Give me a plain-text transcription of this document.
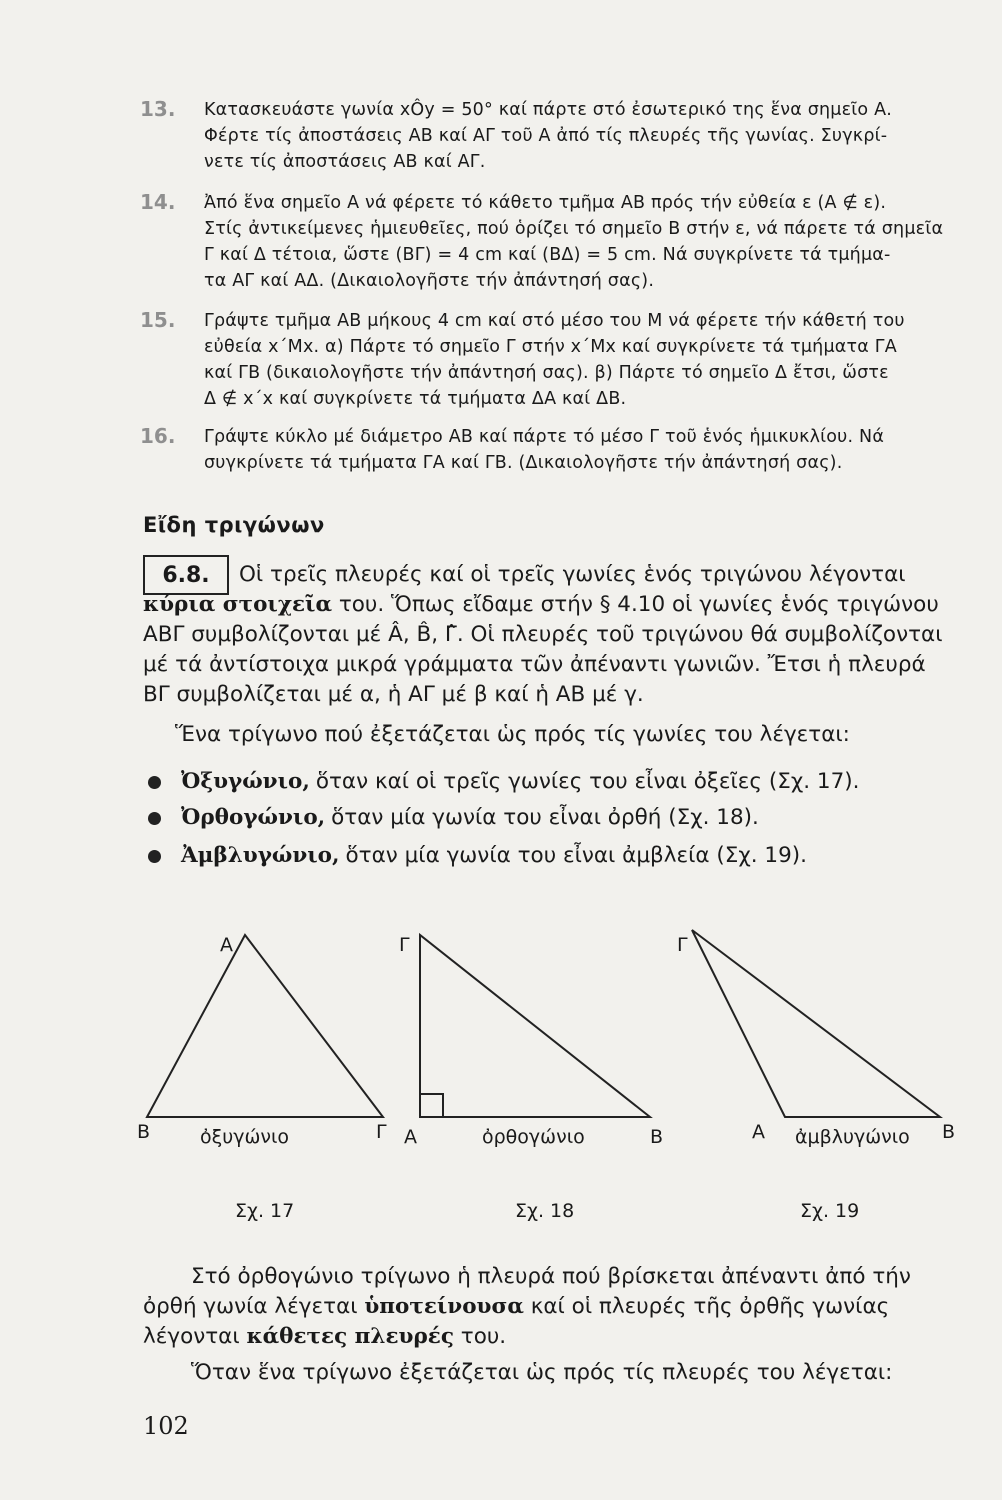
13. Κατασκευάστε γωνία xÔy = 50° καί πάρτε στό ἐσωτερικό της ἕνα σημεῖο Α.
Φέρτε τίς ἀποστάσεις ΑΒ καί ΑΓ τοῦ Α ἀπό τίς πλευρές τῆς γωνίας. Συγκρί-
νετε τίς ἀποστάσεις ΑΒ καί ΑΓ.
14. Ἀπό ἕνα σημεῖο Α νά φέρετε τό κάθετο τμῆμα ΑΒ πρός τήν εὐθεία ε (Α ∉ ε).
Στίς ἀντικείμενες ἡμιευθεῖες, πού ὁρίζει τό σημεῖο Β στήν ε, νά πάρετε τά σημεῖα
Γ καί Δ τέτοια, ὥστε (ΒΓ) = 4 cm καί (ΒΔ) = 5 cm. Νά συγκρίνετε τά τμήμα-
τα ΑΓ καί ΑΔ. (Δικαιολογῆστε τήν ἀπάντησή σας).
15. Γράψτε τμῆμα ΑΒ μήκους 4 cm καί στό μέσο του Μ νά φέρετε τήν κάθετή του
εὐθεία x΄Μx. α) Πάρτε τό σημεῖο Γ στήν x΄Μx καί συγκρίνετε τά τμήματα ΓΑ
καί ΓΒ (δικαιολογῆστε τήν ἀπάντησή σας). β) Πάρτε τό σημεῖο Δ ἔτσι, ὥστε
Δ ∉ x΄x καί συγκρίνετε τά τμήματα ΔΑ καί ΔΒ.
16. Γράψτε κύκλο μέ διάμετρο ΑΒ καί πάρτε τό μέσο Γ τοῦ ἑνός ἡμικυκλίου. Νά
συγκρίνετε τά τμήματα ΓΑ καί ΓΒ. (Δικαιολογῆστε τήν ἀπάντησή σας).
Εἴδη τριγώνων
6.8.	Οἱ τρεῖς πλευρές καί οἱ τρεῖς γωνίες ἑνός τριγώνου λέγονται κύρια στοιχεῖα του. Ὅπως εἴδαμε στήν § 4.10 οἱ γωνίες ἑνός τριγώνου ΑΒΓ συμβολίζονται μέ Â, B̂, Γ̂. Οἱ πλευρές τοῦ τριγώνου θά συμβολίζονται μέ τά ἀντίστοιχα μικρά γράμματα τῶν ἀπέναντι γωνιῶν. Ἔτσι ἡ πλευρά ΒΓ συμβολίζεται μέ α, ἡ ΑΓ μέ β καί ἡ ΑΒ μέ γ.
Ἕνα τρίγωνο πού ἐξετάζεται ὡς πρός τίς γωνίες του λέγεται:
Ὀξυγώνιο, ὅταν καί οἱ τρεῖς γωνίες του εἶναι ὀξεῖες (Σχ. 17).
Ὀρθογώνιο, ὅταν μία γωνία του εἶναι ὀρθή (Σχ. 18).
Ἀμβλυγώνιο, ὅταν μία γωνία του εἶναι ἀμβλεία (Σχ. 19).
Α
Β	Γ
ὀξυγώνιο
Σχ. 17
Γ
Α	Β
ὀρθογώνιο
Σχ. 18
Γ
Α	Β
ἀμβλυγώνιο
Σχ. 19
Στό ὀρθογώνιο τρίγωνο ἡ πλευρά πού βρίσκεται ἀπέναντι ἀπό τήν ὀρθή γωνία λέγεται ὑποτείνουσα καί οἱ πλευρές τῆς ὀρθῆς γωνίας λέγονται κάθετες πλευρές του.
Ὅταν ἕνα τρίγωνο ἐξετάζεται ὡς πρός τίς πλευρές του λέγεται:
102
